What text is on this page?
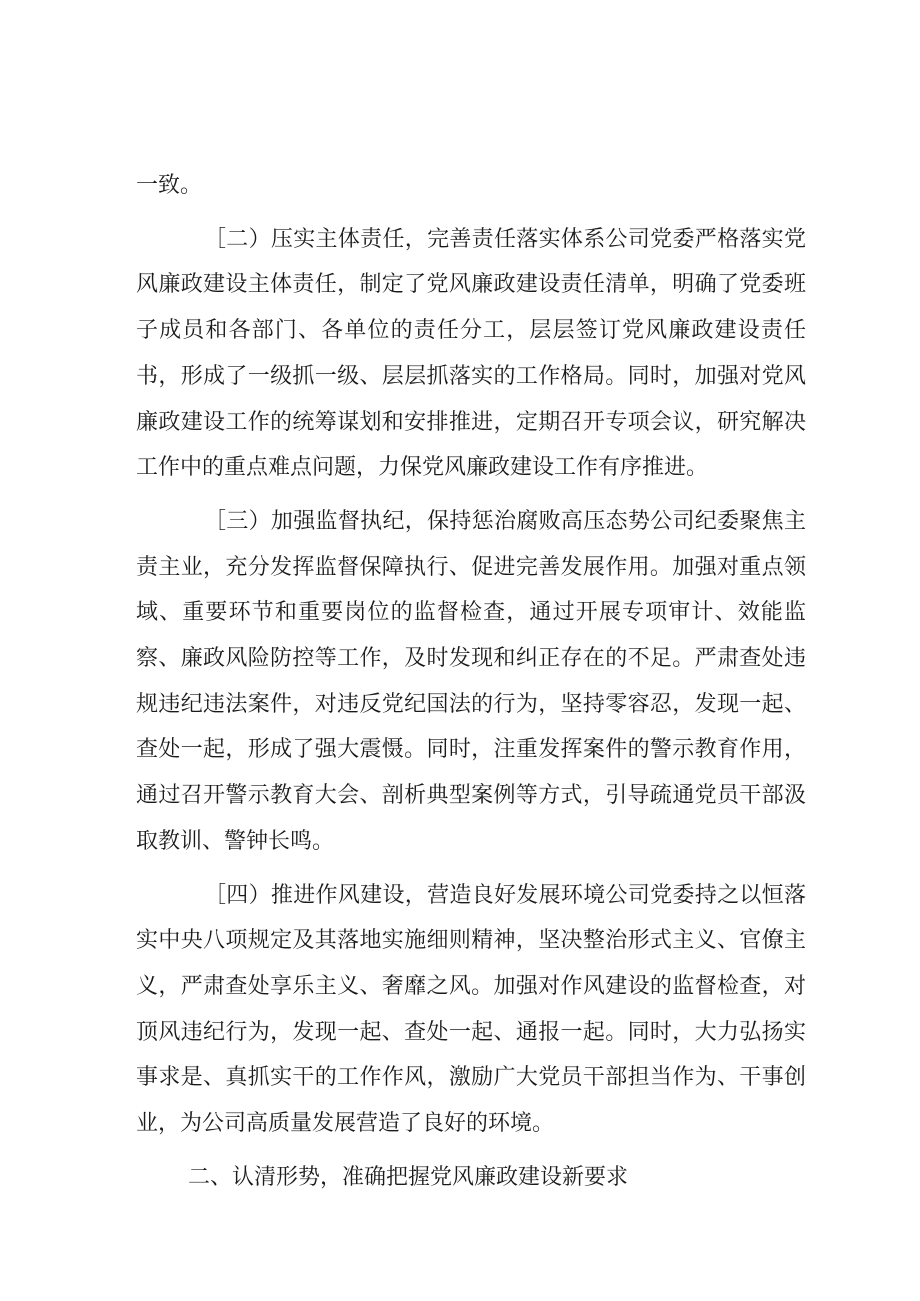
一致。

［二）压实主体责任，完善责任落实体系公司党委严格落实党风廉政建设主体责任，制定了党风廉政建设责任清单，明确了党委班子成员和各部门、各单位的责任分工，层层签订党风廉政建设责任书，形成了一级抓一级、层层抓落实的工作格局。同时，加强对党风廉政建设工作的统筹谋划和安排推进，定期召开专项会议，研究解决工作中的重点难点问题，力保党风廉政建设工作有序推进。

［三）加强监督执纪，保持惩治腐败高压态势公司纪委聚焦主责主业，充分发挥监督保障执行、促进完善发展作用。加强对重点领域、重要环节和重要岗位的监督检查，通过开展专项审计、效能监察、廉政风险防控等工作，及时发现和纠正存在的不足。严肃查处违规违纪违法案件，对违反党纪国法的行为，坚持零容忍，发现一起、查处一起，形成了强大震慑。同时，注重发挥案件的警示教育作用，通过召开警示教育大会、剖析典型案例等方式，引导疏通党员干部汲取教训、警钟长鸣。

［四）推进作风建设，营造良好发展环境公司党委持之以恒落实中央八项规定及其落地实施细则精神，坚决整治形式主义、官僚主义，严肃查处享乐主义、奢靡之风。加强对作风建设的监督检查，对顶风违纪行为，发现一起、查处一起、通报一起。同时，大力弘扬实事求是、真抓实干的工作作风，激励广大党员干部担当作为、干事创业，为公司高质量发展营造了良好的环境。

二、认清形势，准确把握党风廉政建设新要求
